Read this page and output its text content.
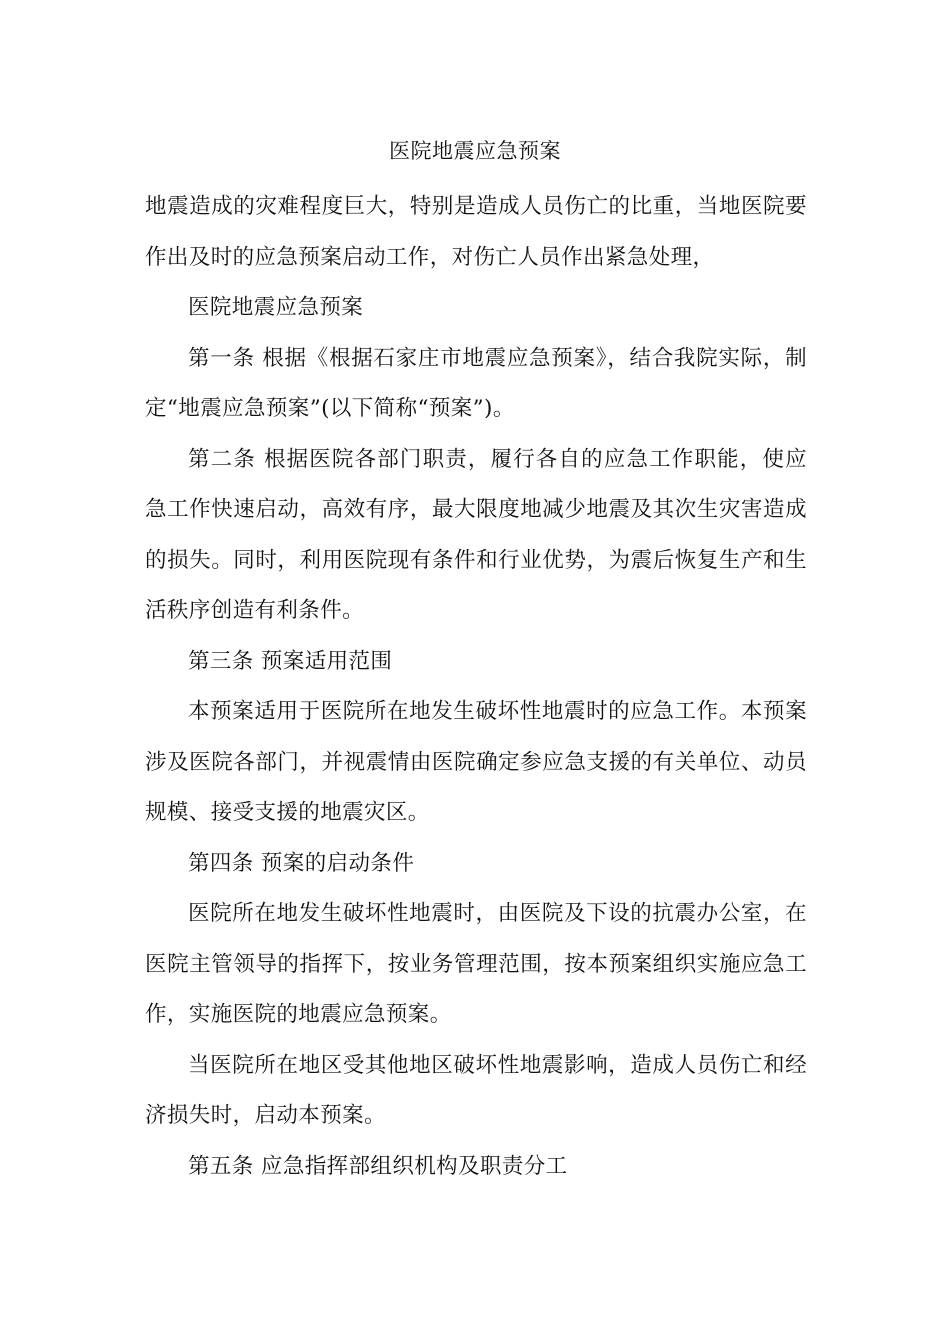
医院地震应急预案

地震造成的灾难程度巨大，特别是造成人员伤亡的比重，当地医院要作出及时的应急预案启动工作，对伤亡人员作出紧急处理，

医院地震应急预案

第一条 根据《根据石家庄市地震应急预案》，结合我院实际，制定“地震应急预案”(以下简称“预案”)。

第二条 根据医院各部门职责，履行各自的应急工作职能，使应急工作快速启动，高效有序，最大限度地减少地震及其次生灾害造成的损失。同时，利用医院现有条件和行业优势，为震后恢复生产和生活秩序创造有利条件。

第三条 预案适用范围

本预案适用于医院所在地发生破坏性地震时的应急工作。本预案涉及医院各部门，并视震情由医院确定参应急支援的有关单位、动员规模、接受支援的地震灾区。

第四条 预案的启动条件

医院所在地发生破坏性地震时，由医院及下设的抗震办公室，在医院主管领导的指挥下，按业务管理范围，按本预案组织实施应急工作，实施医院的地震应急预案。

当医院所在地区受其他地区破坏性地震影响，造成人员伤亡和经济损失时，启动本预案。

第五条 应急指挥部组织机构及职责分工
